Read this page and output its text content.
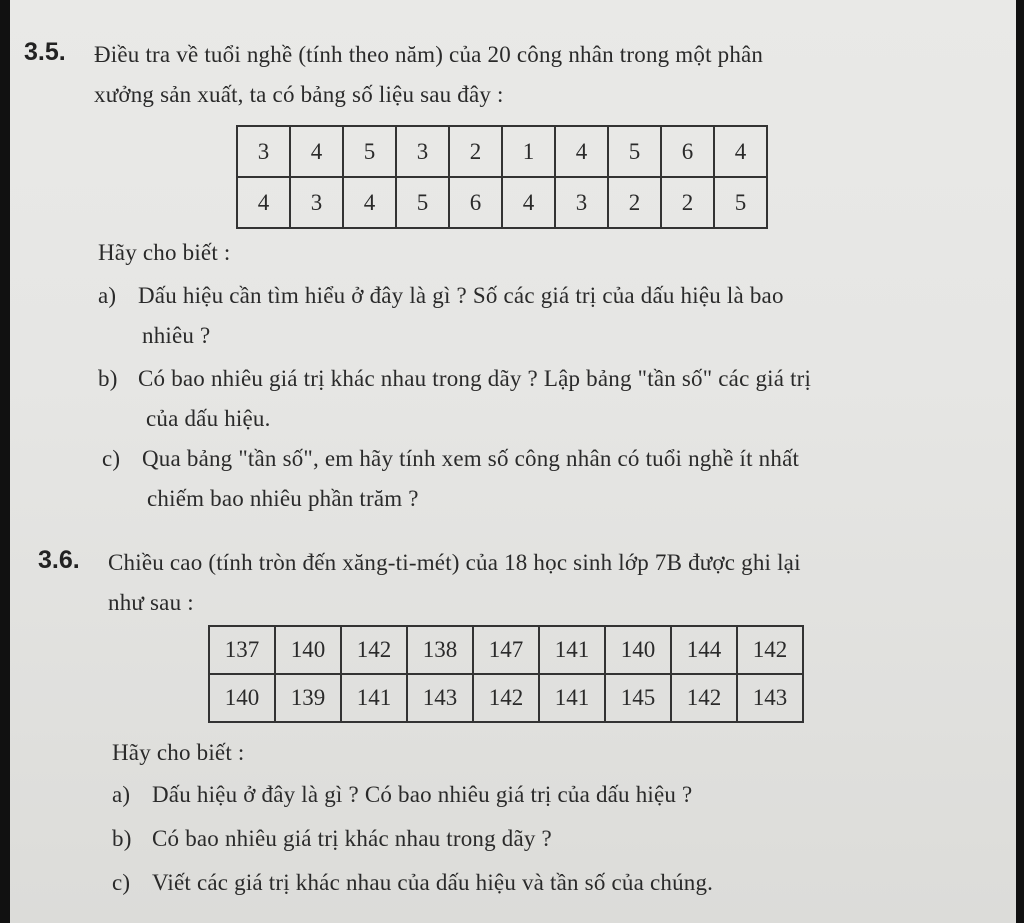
3.5. Điều tra về tuổi nghề (tính theo năm) của 20 công nhân trong một phân
xưởng sản xuất, ta có bảng số liệu sau đây :
3	4	5	3	2	1	4	5	6	4
4	3	4	5	6	4	3	2	2	5
Hãy cho biết :
a) Dấu hiệu cần tìm hiểu ở đây là gì ? Số các giá trị của dấu hiệu là bao
nhiêu ?
b) Có bao nhiêu giá trị khác nhau trong dãy ? Lập bảng "tần số" các giá trị
của dấu hiệu.
c) Qua bảng "tần số", em hãy tính xem số công nhân có tuổi nghề ít nhất
chiếm bao nhiêu phần trăm ?
3.6. Chiều cao (tính tròn đến xăng-ti-mét) của 18 học sinh lớp 7B được ghi lại
như sau :
137	140	142	138	147	141	140	144	142
140	139	141	143	142	141	145	142	143
Hãy cho biết :
a) Dấu hiệu ở đây là gì ? Có bao nhiêu giá trị của dấu hiệu ?
b) Có bao nhiêu giá trị khác nhau trong dãy ?
c) Viết các giá trị khác nhau của dấu hiệu và tần số của chúng.
